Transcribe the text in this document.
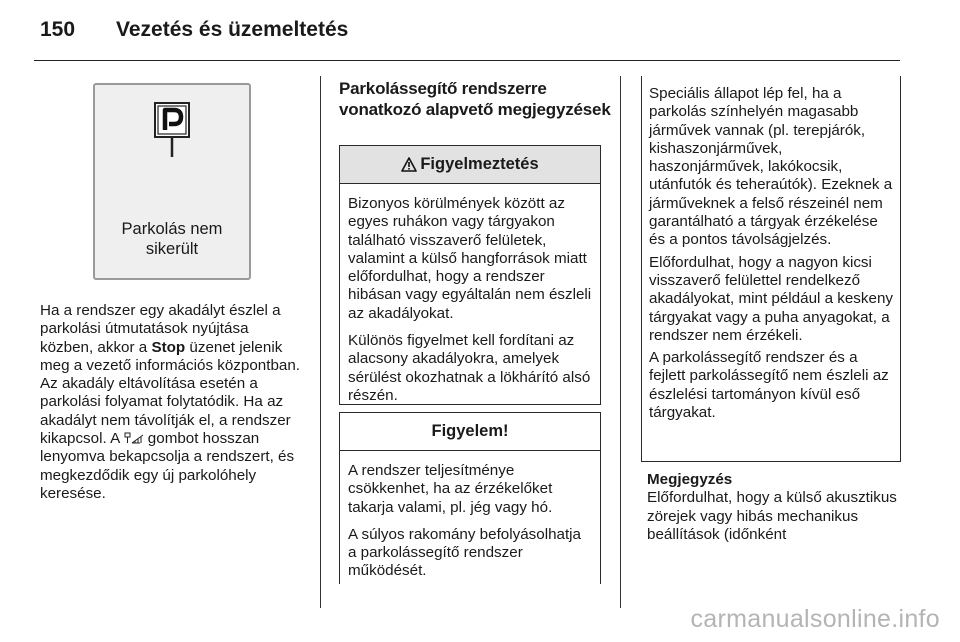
150 Vezetés és üzemeltetés
Parkolás nem
sikerült

Ha a rendszer egy akadályt észlel a parkolási útmutatások nyújtása közben, akkor a Stop üzenet jelenik meg a vezető információs központban. Az akadály eltávolítása esetén a parkolási folyamat folytatódik. Ha az akadályt nem távolítják el, a rendszer kikapcsol. A  gombot hosszan lenyomva bekapcsolja a rendszert, és megkezdődik egy új parkolóhely keresése.

Parkolássegítő rendszerre vonatkozó alapvető megjegyzések
Figyelmeztetés

Bizonyos körülmények között az egyes ruhákon vagy tárgyakon található visszaverő felületek, valamint a külső hangforrások miatt előfordulhat, hogy a rendszer hibásan vagy egyáltalán nem észleli az akadályokat.

Különös figyelmet kell fordítani az alacsony akadályokra, amelyek sérülést okozhatnak a lökhárító alsó részén.

Figyelem!

A rendszer teljesítménye csökkenhet, ha az érzékelőket takarja valami, pl. jég vagy hó.

A súlyos rakomány befolyásolhatja a parkolássegítő rendszer működését.

Speciális állapot lép fel, ha a parkolás színhelyén magasabb járművek vannak (pl. terepjárók, kishaszonjárművek, haszonjárművek, lakókocsik, utánfutók és teheraútók). Ezeknek a járműveknek a felső részeinél nem garantálható a tárgyak érzékelése és a pontos távolságjelzés.

Előfordulhat, hogy a nagyon kicsi visszaverő felülettel rendelkező akadályokat, mint például a keskeny tárgyakat vagy a puha anyagokat, a rendszer nem érzékeli.

A parkolássegítő rendszer és a fejlett parkolássegítő nem észleli az észlelési tartományon kívül eső tárgyakat.

Megjegyzés

Előfordulhat, hogy a külső akusztikus zörejek vagy hibás mechanikus beállítások (időnként

carmanualsonline.info
